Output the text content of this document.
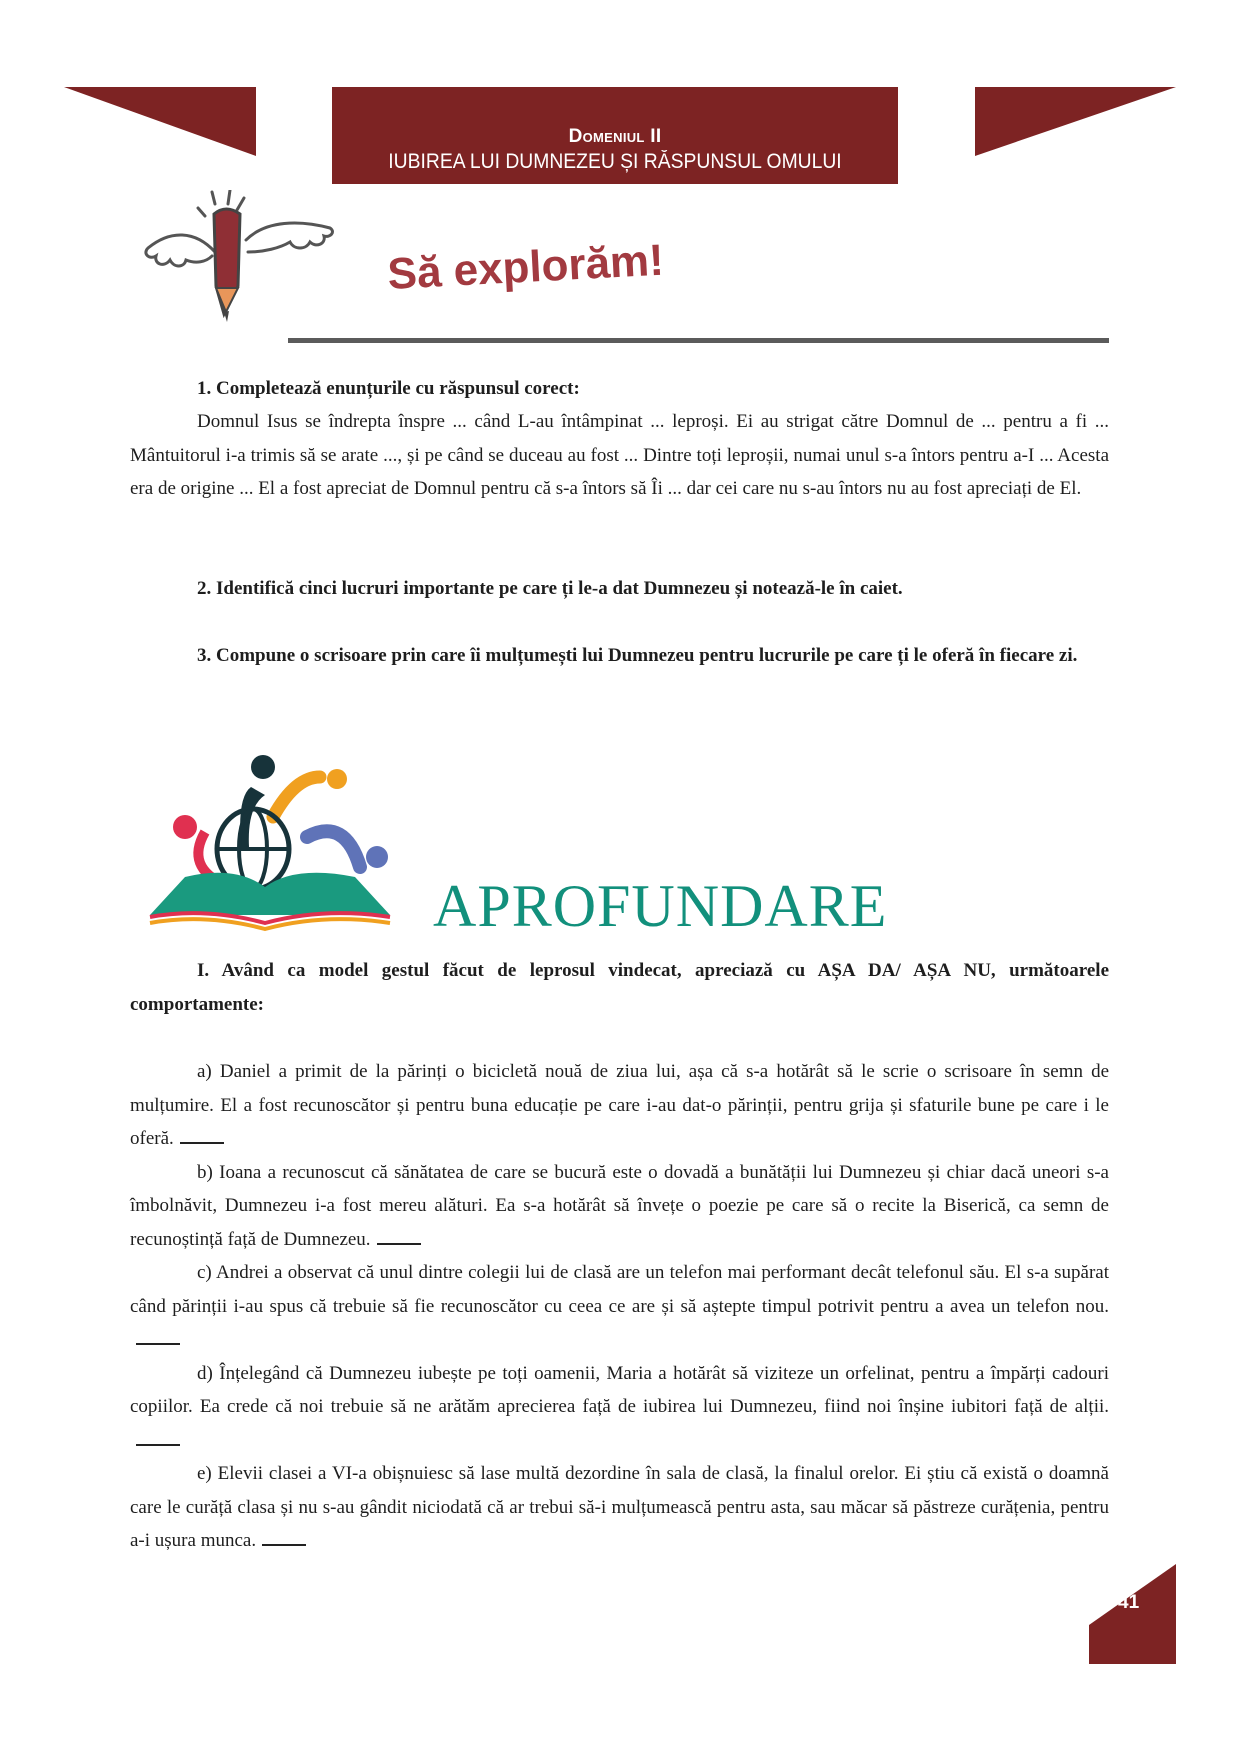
Domeniul II
IUBIREA LUI DUMNEZEU ȘI RĂSPUNSUL OMULUI
Să explorăm!
1. Completează enunțurile cu răspunsul corect:
Domnul Isus se îndrepta înspre ... când L-au întâmpinat ... leproși. Ei au strigat către Domnul de ... pentru a fi ... Mântuitorul i-a trimis să se arate ..., și pe când se duceau au fost ... Dintre toți leproșii, numai unul s-a întors pentru a-I ... Acesta era de origine ... El a fost apreciat de Domnul pentru că s-a întors să Îi ... dar cei care nu s-au întors nu au fost apreciați de El.
2. Identifică cinci lucruri importante pe care ți le-a dat Dumnezeu și notează-le în caiet.
3. Compune o scrisoare prin care îi mulțumești lui Dumnezeu pentru lucrurile pe care ți le oferă în fiecare zi.
APROFUNDARE
I. Având ca model gestul făcut de leprosul vindecat, apreciază cu AȘA DA/ AȘA NU, următoarele comportamente:
a) Daniel a primit de la părinți o bicicletă nouă de ziua lui, așa că s-a hotărât să le scrie o scrisoare în semn de mulțumire. El a fost recunoscător și pentru buna educație pe care i-au dat-o părinții, pentru grija și sfaturile bune pe care i le oferă.
b) Ioana a recunoscut că sănătatea de care se bucură este o dovadă a bunătății lui Dumnezeu și chiar dacă uneori s-a îmbolnăvit, Dumnezeu i-a fost mereu alături. Ea s-a hotărât să învețe o poezie pe care să o recite la Biserică, ca semn de recunoștință față de Dumnezeu.
c) Andrei a observat că unul dintre colegii lui de clasă are un telefon mai performant decât telefonul său. El s-a supărat când părinții i-au spus că trebuie să fie recunoscător cu ceea ce are și să aștepte timpul potrivit pentru a avea un telefon nou.
d) Înțelegând că Dumnezeu iubește pe toți oamenii, Maria a hotărât să viziteze un orfelinat, pentru a împărți cadouri copiilor. Ea crede că noi trebuie să ne arătăm aprecierea față de iubirea lui Dumnezeu, fiind noi înșine iubitori față de alții.
e) Elevii clasei a VI-a obișnuiesc să lase multă dezordine în sala de clasă, la finalul orelor. Ei știu că există o doamnă care le curăță clasa și nu s-au gândit niciodată că ar trebui să-i mulțumească pentru asta, sau măcar să păstreze curățenia, pentru a-i ușura munca.
41
